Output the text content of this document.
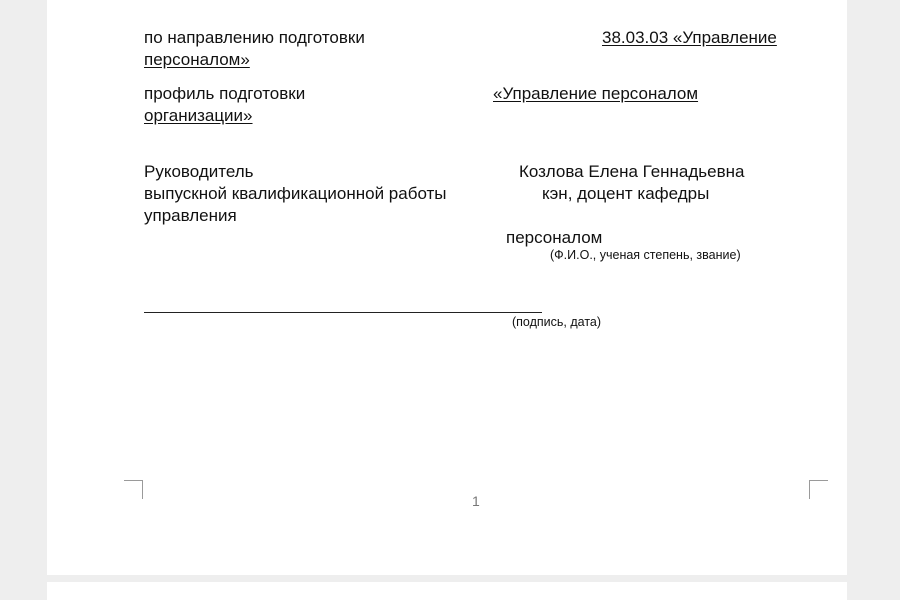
по направлению подготовки	38.03.03 «Управление
персоналом»
профиль подготовки	«Управление персоналом
организации»
Руководитель
выпускной квалификационной работы
управления
Козлова Елена Геннадьевна
кэн, доцент кафедры
персоналом
(Ф.И.О., ученая степень, звание)
(подпись, дата)
1
